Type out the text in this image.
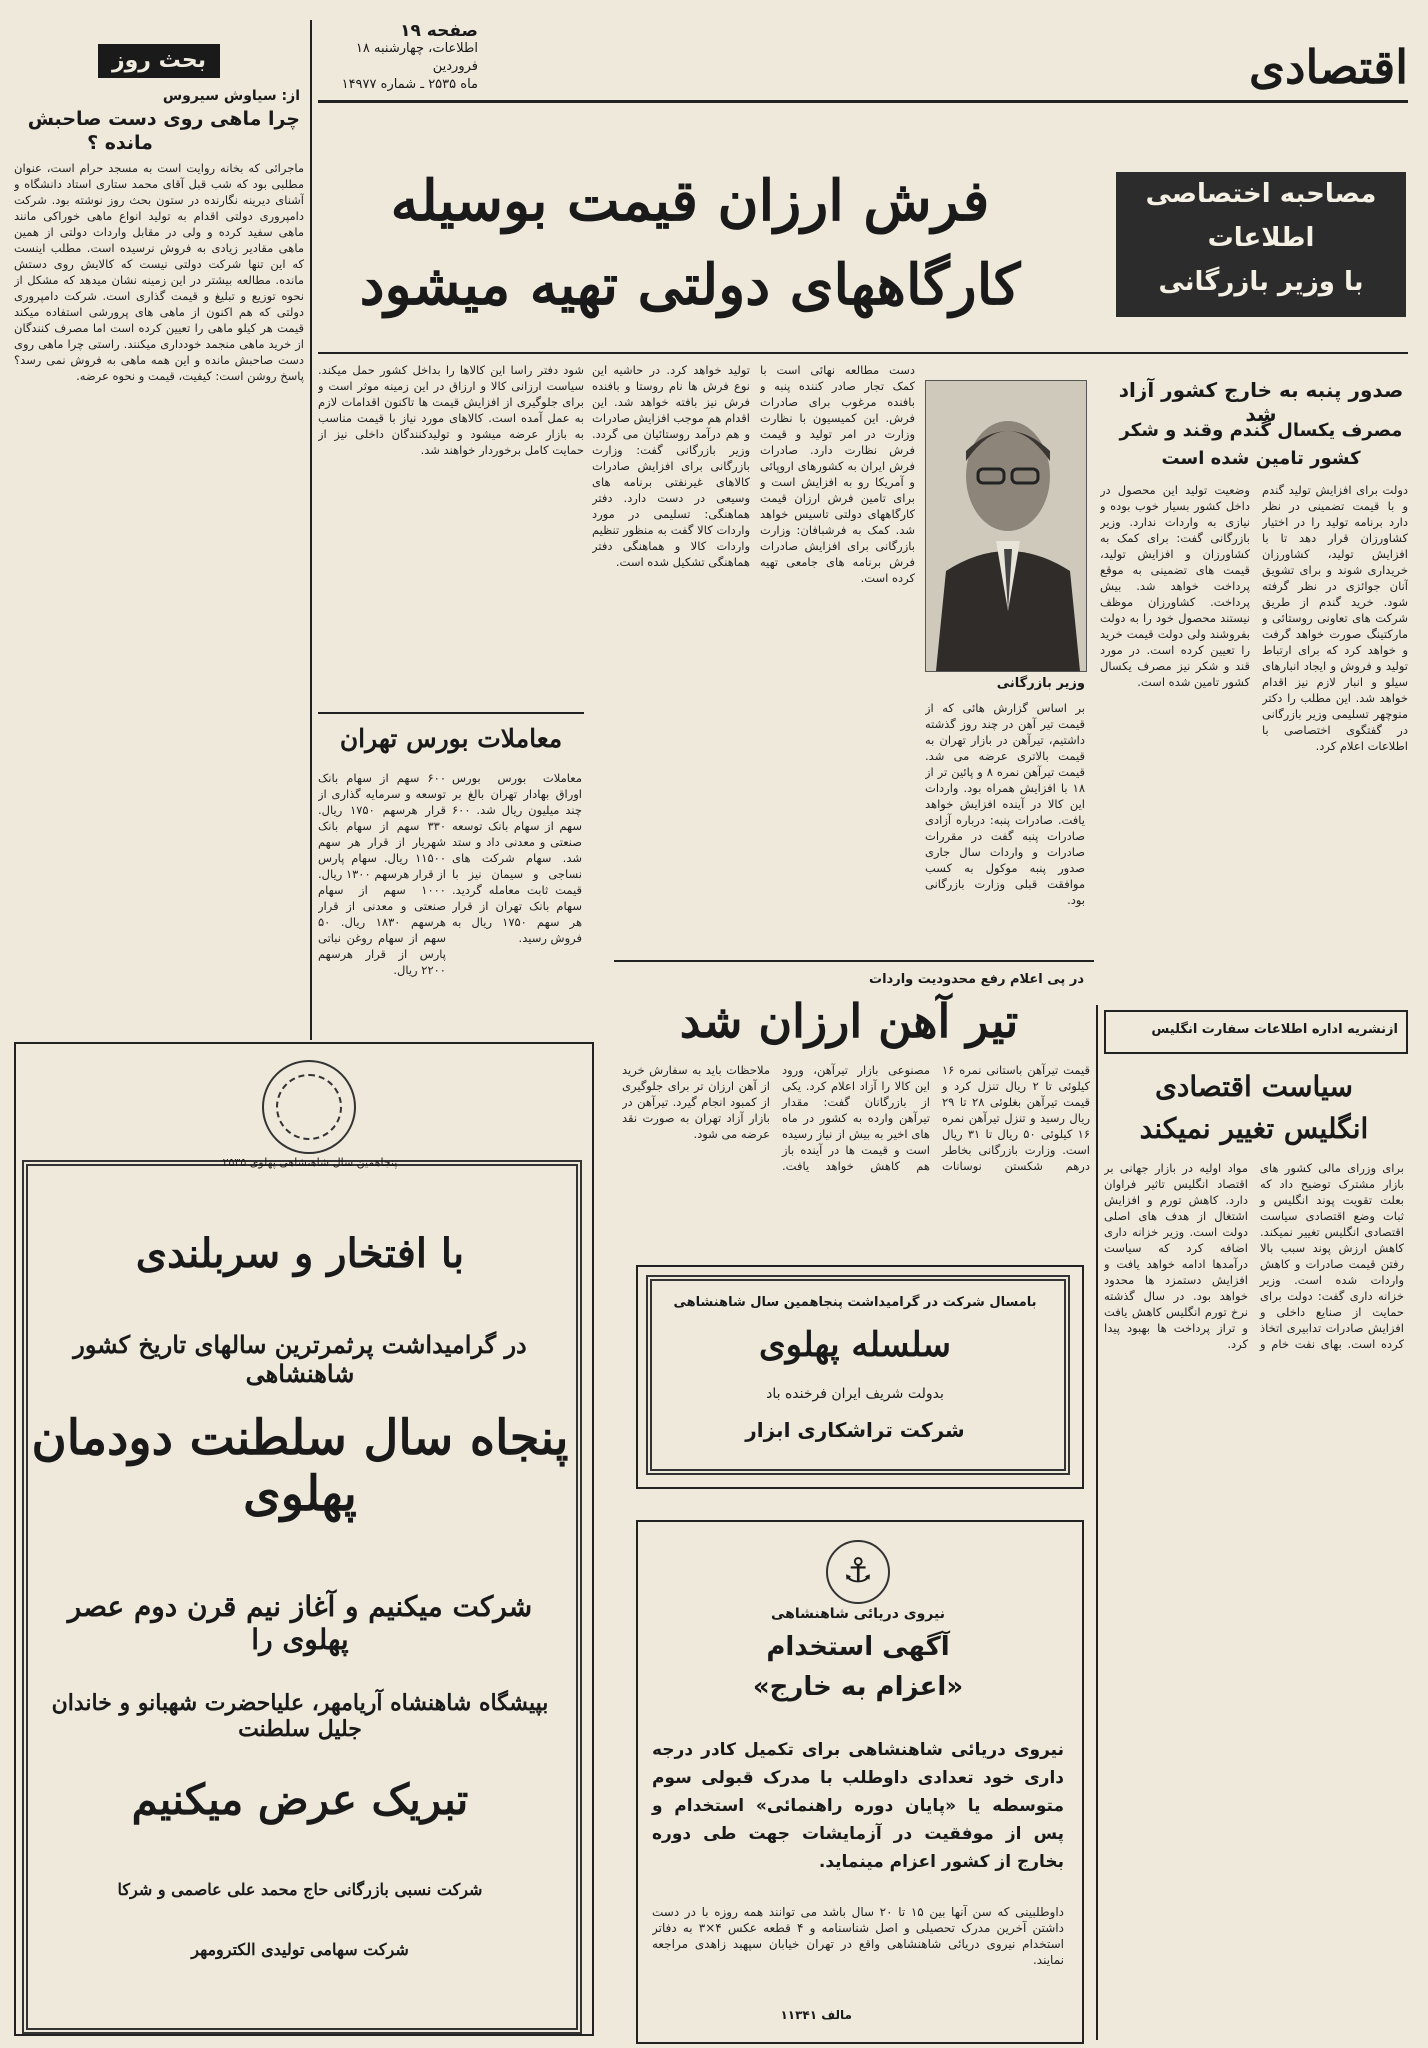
اقتصادی
صفحه ۱۹
اطلاعات، چهارشنبه ۱۸ فروردین
ماه ۲۵۳۵ ـ شماره ۱۴۹۷۷
بحث روز
از: سیاوش سیروس
چرا ماهی روی دست صاحبش
مانده ؟
ماجرائی که بخانه روایت است به مسجد حرام است، عنوان مطلبی بود که شب قبل آقای محمد ستاری استاد دانشگاه و آشنای دیرینه نگارنده در ستون بحث روز نوشته بود. شرکت دامپروری دولتی اقدام به تولید انواع ماهی خوراکی مانند ماهی سفید کرده و ولی در مقابل واردات دولتی از همین ماهی مقادیر زیادی به فروش نرسیده است. مطلب اینست که این تنها شرکت دولتی نیست که کالایش روی دستش مانده. مطالعه بیشتر در این زمینه نشان میدهد که مشکل از نحوه توزیع و تبلیغ و قیمت گذاری است. شرکت دامپروری دولتی که هم اکنون از ماهی های پرورشی استفاده میکند قیمت هر کیلو ماهی را تعیین کرده است اما مصرف کنندگان از خرید ماهی منجمد خودداری میکنند. راستی چرا ماهی روی دست صاحبش مانده و این همه ماهی به فروش نمی رسد؟ پاسخ روشن است: کیفیت، قیمت و نحوه عرضه.
فرش ارزان قیمت بوسیله
کارگاههای دولتی تهیه میشود
مصاحبه اختصاصی
اطلاعات
با وزیر بازرگانی
صدور پنبه به خارج کشور آزاد شد
مصرف یکسال گندم وقند و شکر
کشور تامین شده است
دولت برای افزایش تولید گندم و با قیمت تضمینی در نظر دارد برنامه تولید را در اختیار کشاورزان قرار دهد تا با افزایش تولید، کشاورزان خریداری شوند و برای تشویق آنان جوائزی در نظر گرفته شود. خرید گندم از طریق شرکت های تعاونی روستائی و مارکتینگ صورت خواهد گرفت و خواهد کرد که برای ارتباط تولید و فروش و ایجاد انبارهای سیلو و انبار لازم نیز اقدام خواهد شد. این مطلب را دکتر منوچهر تسلیمی وزیر بازرگانی در گفتگوی اختصاصی با اطلاعات اعلام کرد.
وضعیت تولید این محصول در داخل کشور بسیار خوب بوده و نیازی به واردات ندارد. وزیر بازرگانی گفت: برای کمک به کشاورزان و افزایش تولید، قیمت های تضمینی به موقع پرداخت خواهد شد. بیش پرداخت. کشاورزان موظف نیستند محصول خود را به دولت بفروشند ولی دولت قیمت خرید را تعیین کرده است. در مورد قند و شکر نیز مصرف یکسال کشور تامین شده است.
وزیر بازرگانی
بر اساس گزارش هائی که از قیمت تیر آهن در چند روز گذشته داشتیم، تیرآهن در بازار تهران به قیمت بالاتری عرضه می شد. قیمت تیرآهن نمره ۸ و پائین تر از ۱۸ با افزایش همراه بود. واردات این کالا در آینده افزایش خواهد یافت. صادرات پنبه: درباره آزادی صادرات پنبه گفت در مقررات صادرات و واردات سال جاری صدور پنبه موکول به کسب موافقت قبلی وزارت بازرگانی بود.
دست مطالعه نهائی است با کمک تجار صادر کننده پنبه و بافنده مرغوب برای صادرات فرش. این کمیسیون با نظارت وزارت در امر تولید و قیمت فرش نظارت دارد. صادرات فرش ایران به کشورهای اروپائی و آمریکا رو به افزایش است و برای تامین فرش ارزان قیمت کارگاههای دولتی تاسیس خواهد شد. کمک به فرشبافان: وزارت بازرگانی برای افزایش صادرات فرش برنامه های جامعی تهیه کرده است.
تولید خواهد کرد. در حاشیه این نوع فرش ها نام روستا و بافنده فرش نیز بافته خواهد شد. این اقدام هم موجب افزایش صادرات و هم درآمد روستائیان می گردد. وزیر بازرگانی گفت: وزارت بازرگانی برای افزایش صادرات کالاهای غیرنفتی برنامه های وسیعی در دست دارد. دفتر هماهنگی: تسلیمی در مورد واردات کالا گفت به منظور تنظیم واردات کالا و هماهنگی دفتر هماهنگی تشکیل شده است.
شود دفتر راسا این کالاها را بداخل کشور حمل میکند. سیاست ارزانی کالا و ارزاق در این زمینه موثر است و برای جلوگیری از افزایش قیمت ها تاکنون اقدامات لازم به عمل آمده است. کالاهای مورد نیاز با قیمت مناسب به بازار عرضه میشود و تولیدکنندگان داخلی نیز از حمایت کامل برخوردار خواهند شد.
معاملات بورس تهران
معاملات بورس بورس اوراق بهادار تهران بالغ بر چند میلیون ریال شد. ۶۰۰ سهم از سهام بانک توسعه صنعتی و معدنی داد و ستد شد. سهام شرکت های نساجی و سیمان نیز با قیمت ثابت معامله گردید. سهام بانک تهران از قرار هر سهم ۱۷۵۰ ریال به فروش رسید.
۶۰۰ سهم از سهام بانک توسعه و سرمایه گذاری از قرار هرسهم ۱۷۵۰ ریال. ۳۳۰ سهم از سهام بانک شهریار از قرار هر سهم ۱۱۵۰۰ ریال. سهام پارس از قرار هرسهم ۱۳۰۰ ریال. ۱۰۰۰ سهم از سهام صنعتی و معدنی از قرار هرسهم ۱۸۳۰ ریال. ۵۰ سهم از سهام روغن نباتی پارس از قرار هرسهم ۲۲۰۰ ریال.
در پی اعلام رفع محدودیت واردات
تیر آهن ارزان شد
قیمت تیرآهن باستانی نمره ۱۶ کیلوئی تا ۲ ریال تنزل کرد و قیمت تیرآهن بغلوئی ۲۸ تا ۲۹ ریال رسید و تنزل تیرآهن نمره ۱۶ کیلوئی ۵۰ ریال تا ۳۱ ریال است. وزارت بازرگانی بخاطر درهم شکستن نوسانات مصنوعی بازار تیرآهن، ورود این کالا را آزاد اعلام کرد. یکی از بازرگانان گفت: مقدار تیرآهن وارده به کشور در ماه های اخیر به بیش از نیاز رسیده است و قیمت ها در آینده باز هم کاهش خواهد یافت. ملاحظات باید به سفارش خرید از آهن ارزان تر برای جلوگیری از کمبود انجام گیرد. تیرآهن در بازار آزاد تهران به صورت نقد عرضه می شود.
ازنشریه اداره اطلاعات سفارت انگلیس
سیاست اقتصادی
انگلیس تغییر نمیکند
برای وزرای مالی کشور های بازار مشترک توضیح داد که بعلت تقویت پوند انگلیس و ثبات وضع اقتصادی سیاست اقتصادی انگلیس تغییر نمیکند. کاهش ارزش پوند سبب بالا رفتن قیمت صادرات و کاهش واردات شده است. وزیر خزانه داری گفت: دولت برای حمایت از صنایع داخلی و افزایش صادرات تدابیری اتخاذ کرده است. بهای نفت خام و مواد اولیه در بازار جهانی بر اقتصاد انگلیس تاثیر فراوان دارد. کاهش تورم و افزایش اشتغال از هدف های اصلی دولت است. وزیر خزانه داری اضافه کرد که سیاست درآمدها ادامه خواهد یافت و افزایش دستمزد ها محدود خواهد بود. در سال گذشته نرخ تورم انگلیس کاهش یافت و تراز پرداخت ها بهبود پیدا کرد.
پنجاهمین سال شاهنشاهی پهلوی ۲۵۳۵
با افتخار و سربلندی
در گرامیداشت پرثمرترین سالهای تاریخ کشور شاهنشاهی
پنجاه سال سلطنت دودمان پهلوی
شرکت میکنیم و آغاز نیم قرن دوم عصر پهلوی را
بپیشگاه شاهنشاه آریامهر، علیاحضرت شهبانو و خاندان جلیل سلطنت
تبریک عرض میکنیم
شرکت نسبی بازرگانی حاج محمد علی عاصمی و شرکا
شرکت سهامی تولیدی الکترومهر
بامسال شرکت در گرامیداشت پنجاهمین سال شاهنشاهی
سلسله پهلوی
بدولت شریف ایران فرخنده باد
شرکت تراشکاری ابزار
⚓
نیروی دریائی شاهنشاهی
آگهی استخدام
«اعزام به خارج»
نیروی دریائی شاهنشاهی برای تکمیل کادر درجه داری خود تعدادی داوطلب با مدرک قبولی سوم متوسطه یا «پایان دوره راهنمائی» استخدام و پس از موفقیت در آزمایشات جهت طی دوره بخارج از کشور اعزام مینماید.
داوطلبینی که سن آنها بین ۱۵ تا ۲۰ سال باشد می توانند همه روزه با در دست داشتن آخرین مدرک تحصیلی و اصل شناسنامه و ۴ قطعه عکس ۴×۳ به دفاتر استخدام نیروی دریائی شاهنشاهی واقع در تهران خیابان سپهبد زاهدی مراجعه نمایند.
مالف ۱۱۳۴۱
